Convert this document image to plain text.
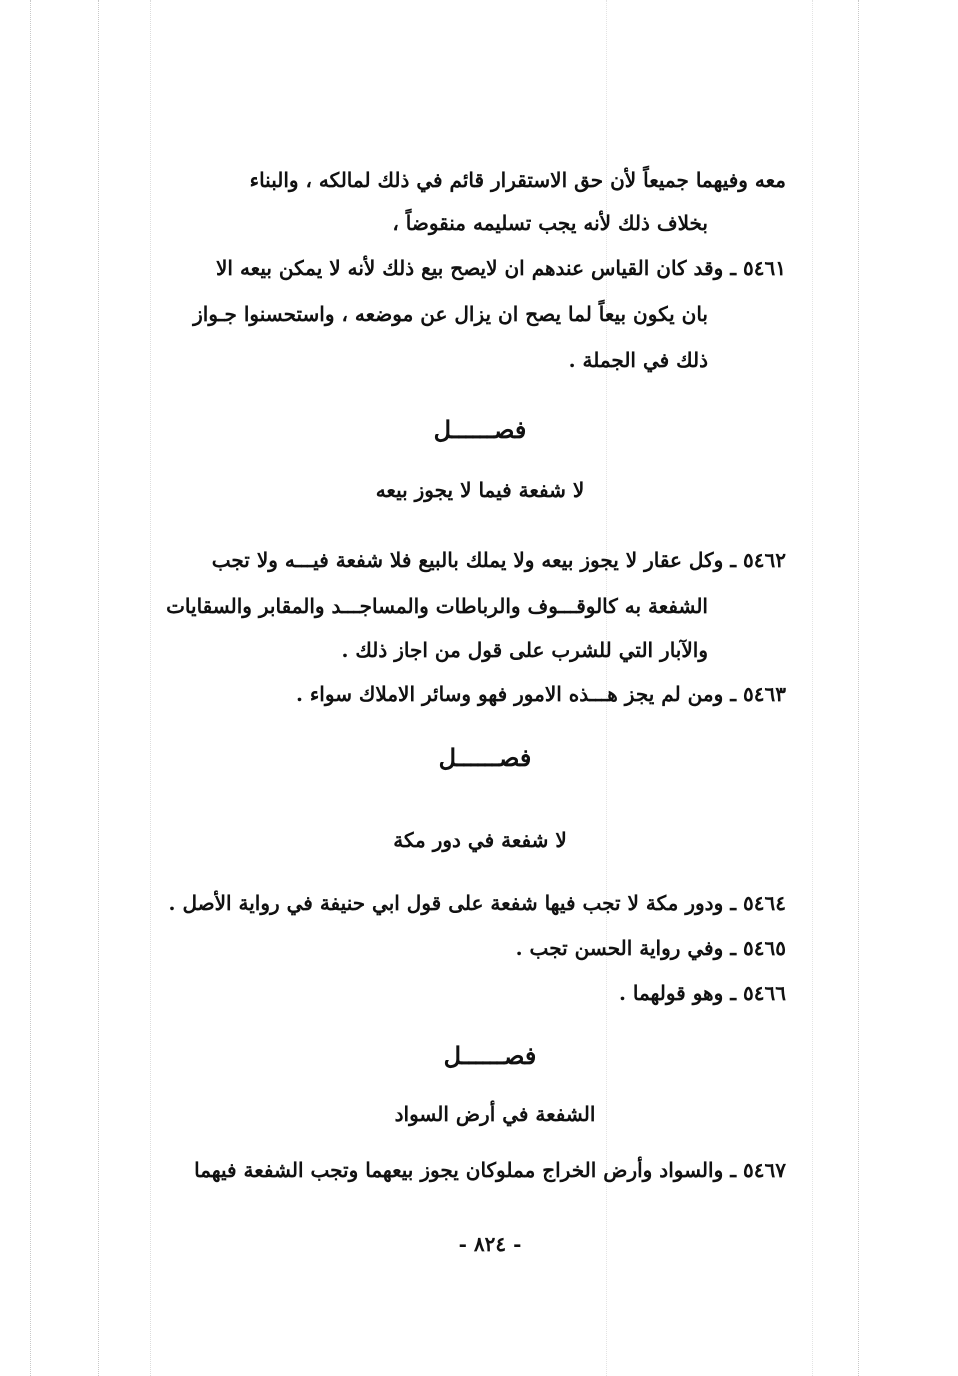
معه وفيهما جميعاً لأن حق الاستقرار قائم في ذلك لمالكه ، والبناء
بخلاف ذلك لأنه يجب تسليمه منقوضاً ،
٥٤٦١ ـ وقد كان القياس عندهم ان لايصح بيع ذلك لأنه لا يمكن بيعه الا
بان يكون بيعاً لما يصح ان يزال عن موضعه ، واستحسنوا جـواز
ذلك في الجملة .
فصــــــل
لا شفعة فيما لا يجوز بيعه
٥٤٦٢ ـ وكل عقار لا يجوز بيعه ولا يملك بالبيع فلا شفعة فيـــه ولا تجب
الشفعة به كالوقـــوف والرباطات والمساجـــد والمقابر والسقايات
والآبار التي للشرب على قول من اجاز ذلك .
٥٤٦٣ ـ ومن لم يجز هـــذه الامور فهو وسائر الاملاك سواء .
فصــــــل
لا شفعة في دور مكة
٥٤٦٤ ـ ودور مكة لا تجب فيها شفعة على قول ابي حنيفة في رواية الأصل .
٥٤٦٥ ـ وفي رواية الحسن تجب .
٥٤٦٦ ـ وهو قولهما .
فصــــــل
الشفعة في أرض السواد
٥٤٦٧ ـ والسواد وأرض الخراج مملوكان يجوز بيعهما وتجب الشفعة فيهما
- ٨٢٤ -
